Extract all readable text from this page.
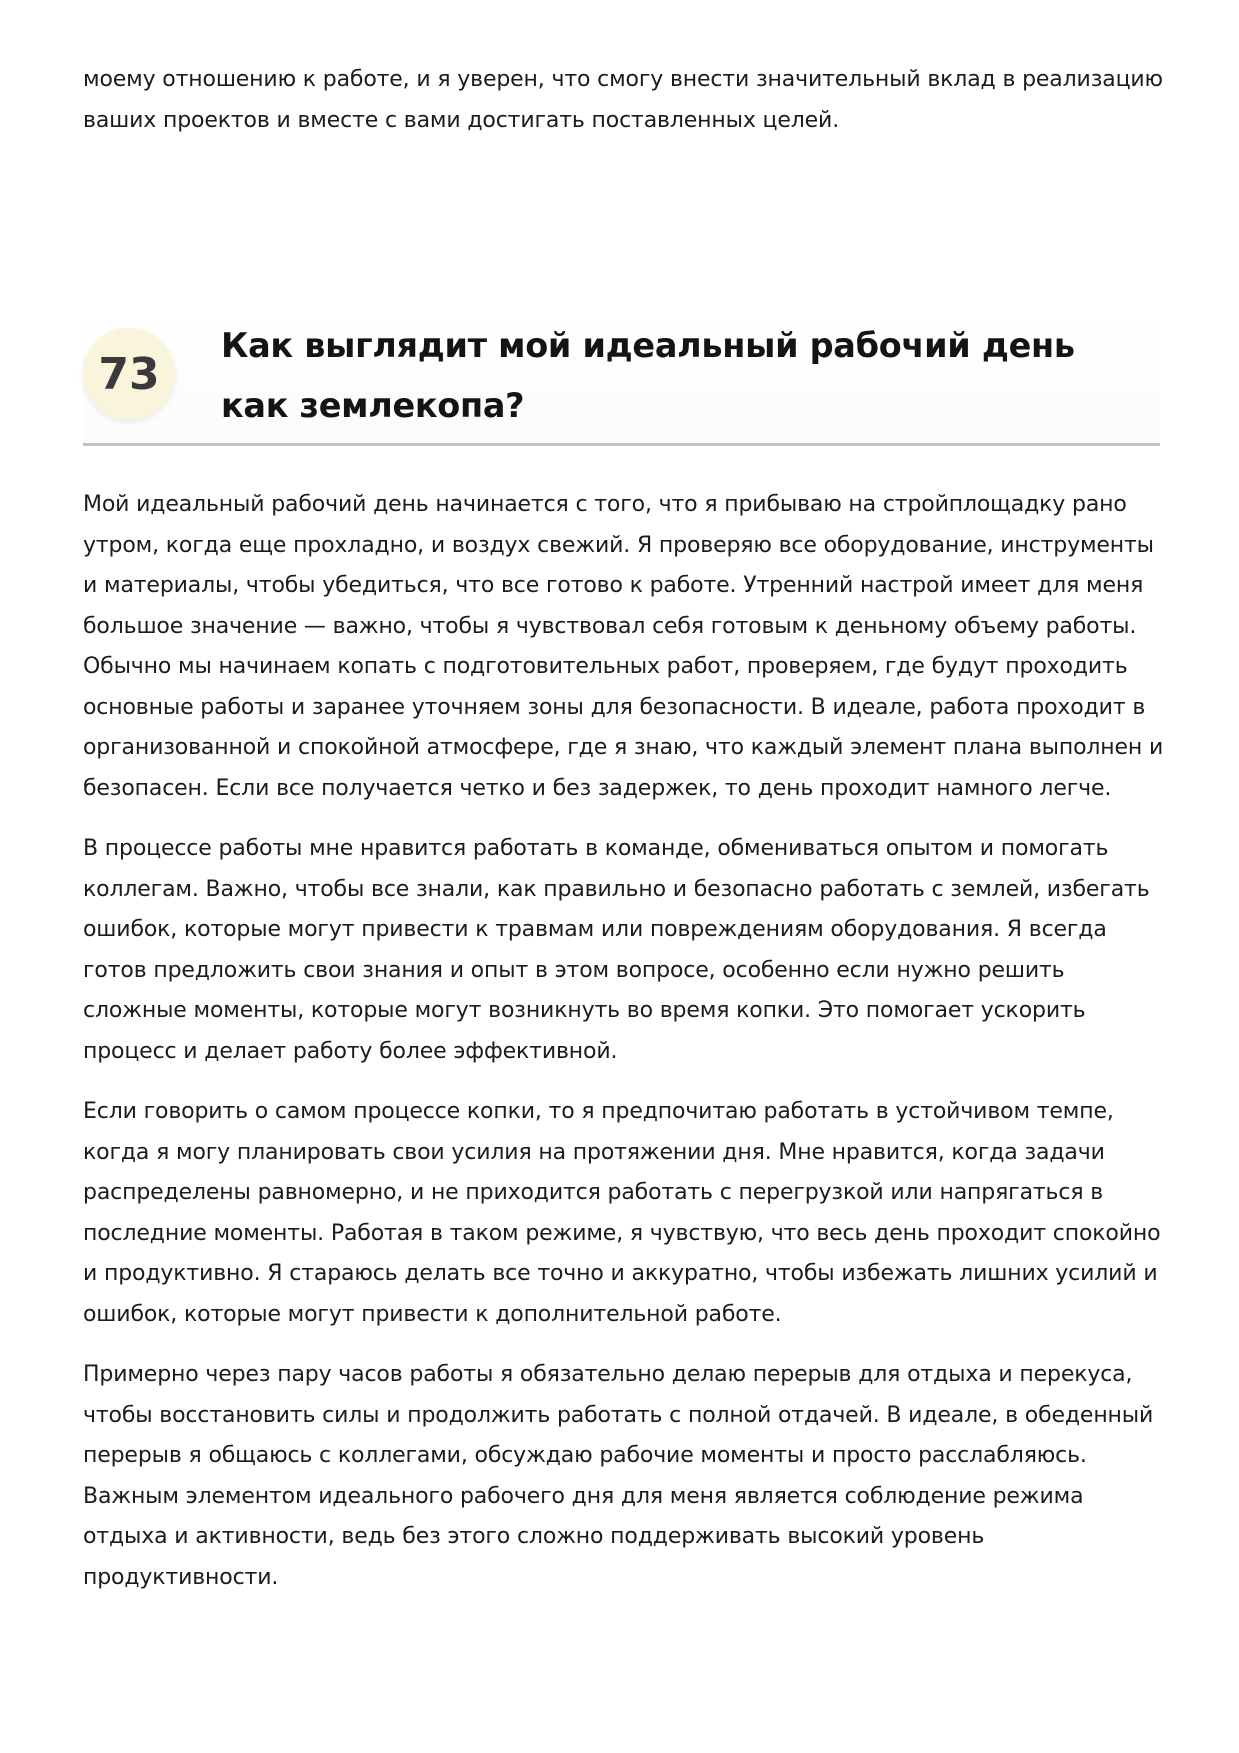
моему отношению к работе, и я уверен, что смогу внести значительный вклад в реализацию ваших проектов и вместе с вами достигать поставленных целей.

73
Как выглядит мой идеальный рабочий день как землекопа?

Мой идеальный рабочий день начинается с того, что я прибываю на стройплощадку рано утром, когда еще прохладно, и воздух свежий. Я проверяю все оборудование, инструменты и материалы, чтобы убедиться, что все готово к работе. Утренний настрой имеет для меня большое значение — важно, чтобы я чувствовал себя готовым к деньному объему работы. Обычно мы начинаем копать с подготовительных работ, проверяем, где будут проходить основные работы и заранее уточняем зоны для безопасности. В идеале, работа проходит в организованной и спокойной атмосфере, где я знаю, что каждый элемент плана выполнен и безопасен. Если все получается четко и без задержек, то день проходит намного легче.

В процессе работы мне нравится работать в команде, обмениваться опытом и помогать коллегам. Важно, чтобы все знали, как правильно и безопасно работать с землей, избегать ошибок, которые могут привести к травмам или повреждениям оборудования. Я всегда готов предложить свои знания и опыт в этом вопросе, особенно если нужно решить сложные моменты, которые могут возникнуть во время копки. Это помогает ускорить процесс и делает работу более эффективной.

Если говорить о самом процессе копки, то я предпочитаю работать в устойчивом темпе, когда я могу планировать свои усилия на протяжении дня. Мне нравится, когда задачи распределены равномерно, и не приходится работать с перегрузкой или напрягаться в последние моменты. Работая в таком режиме, я чувствую, что весь день проходит спокойно и продуктивно. Я стараюсь делать все точно и аккуратно, чтобы избежать лишних усилий и ошибок, которые могут привести к дополнительной работе.

Примерно через пару часов работы я обязательно делаю перерыв для отдыха и перекуса, чтобы восстановить силы и продолжить работать с полной отдачей. В идеале, в обеденный перерыв я общаюсь с коллегами, обсуждаю рабочие моменты и просто расслабляюсь. Важным элементом идеального рабочего дня для меня является соблюдение режима отдыха и активности, ведь без этого сложно поддерживать высокий уровень продуктивности.
